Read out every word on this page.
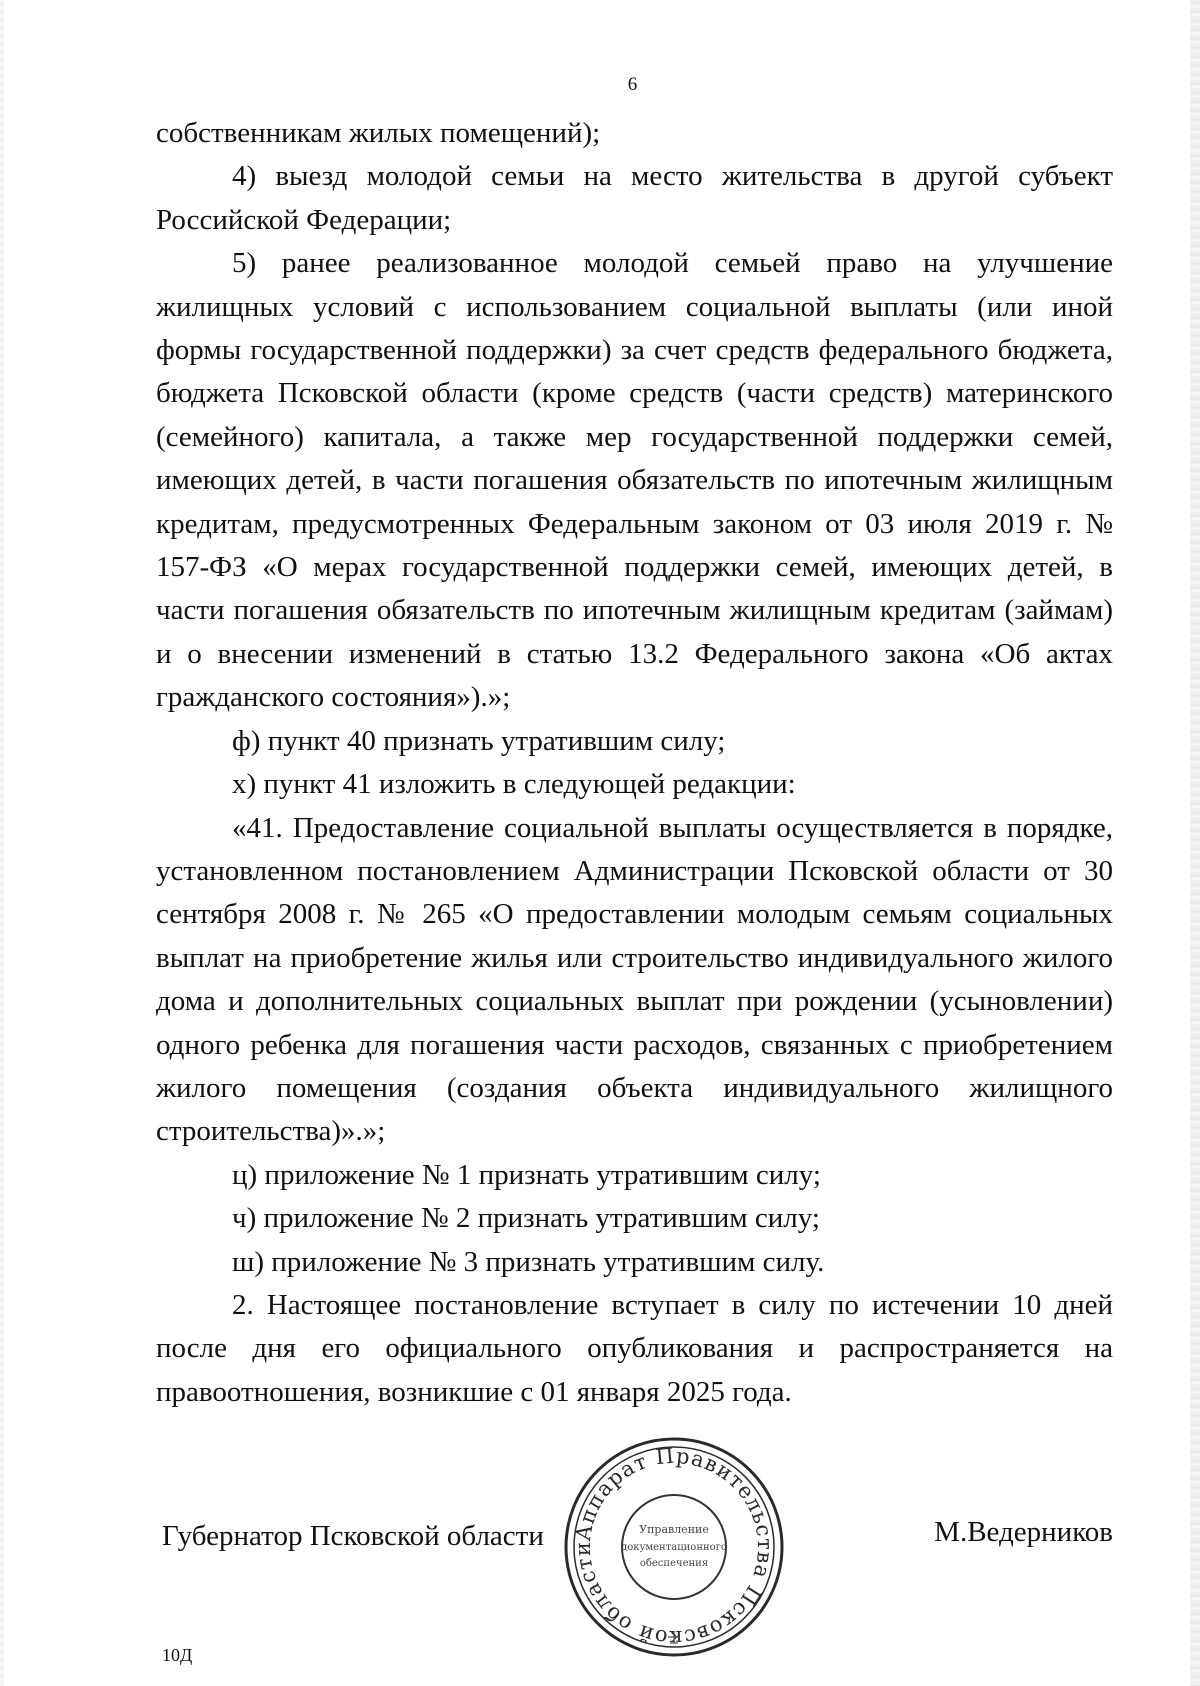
6

собственникам жилых помещений);

4) выезд молодой семьи на место жительства в другой субъект Российской Федерации;

5) ранее реализованное молодой семьей право на улучшение жилищных условий с использованием социальной выплаты (или иной формы государственной поддержки) за счет средств федерального бюджета, бюджета Псковской области (кроме средств (части средств) материнского (семейного) капитала, а также мер государственной поддержки семей, имеющих детей, в части погашения обязательств по ипотечным жилищным кредитам, предусмотренных Федеральным законом от 03 июля 2019 г. № 157-ФЗ «О мерах государственной поддержки семей, имеющих детей, в части погашения обязательств по ипотечным жилищным кредитам (займам) и о внесении изменений в статью 13.2 Федерального закона «Об актах гражданского состояния»).»;

ф) пункт 40 признать утратившим силу;

х) пункт 41 изложить в следующей редакции:

«41. Предоставление социальной выплаты осуществляется в порядке, установленном постановлением Администрации Псковской области от 30 сентября 2008 г. № 265 «О предоставлении молодым семьям социальных выплат на приобретение жилья или строительство индивидуального жилого дома и дополнительных социальных выплат при рождении (усыновлении) одного ребенка для погашения части расходов, связанных с приобретением жилого помещения (создания объекта индивидуального жилищного строительства)».»;

ц) приложение № 1 признать утратившим силу;

ч) приложение № 2 признать утратившим силу;

ш) приложение № 3 признать утратившим силу.

2. Настоящее постановление вступает в силу по истечении 10 дней после дня его официального опубликования и распространяется на правоотношения, возникшие с 01 января 2025 года.

Губернатор Псковской области	М.Ведерников
Аппарат Правительства Псковской области
Управление
документационного
обеспечения
10Д
